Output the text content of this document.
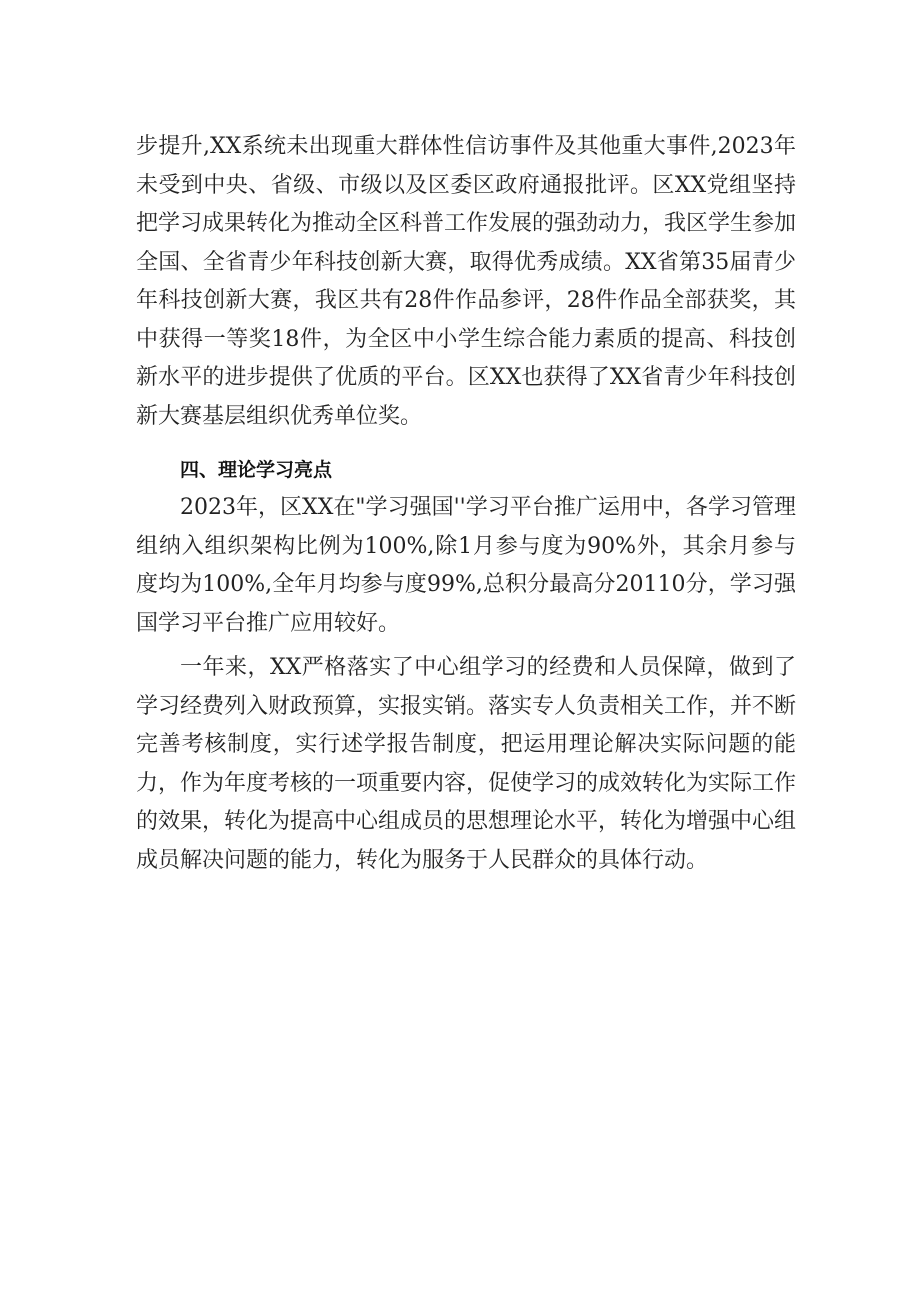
步提升,XX系统未出现重大群体性信访事件及其他重大事件,2023年未受到中央、省级、市级以及区委区政府通报批评。区XX党组坚持把学习成果转化为推动全区科普工作发展的强劲动力，我区学生参加全国、全省青少年科技创新大赛，取得优秀成绩。XX省第35届青少年科技创新大赛，我区共有28件作品参评，28件作品全部获奖，其中获得一等奖18件，为全区中小学生综合能力素质的提高、科技创新水平的进步提供了优质的平台。区XX也获得了XX省青少年科技创新大赛基层组织优秀单位奖。

四、理论学习亮点

2023年，区XX在"学习强国''学习平台推广运用中，各学习管理组纳入组织架构比例为100%,除1月参与度为90%外，其余月参与度均为100%,全年月均参与度99%,总积分最高分20110分，学习强国学习平台推广应用较好。

一年来，XX严格落实了中心组学习的经费和人员保障，做到了学习经费列入财政预算，实报实销。落实专人负责相关工作，并不断完善考核制度，实行述学报告制度，把运用理论解决实际问题的能力，作为年度考核的一项重要内容，促使学习的成效转化为实际工作的效果，转化为提高中心组成员的思想理论水平，转化为增强中心组成员解决问题的能力，转化为服务于人民群众的具体行动。
